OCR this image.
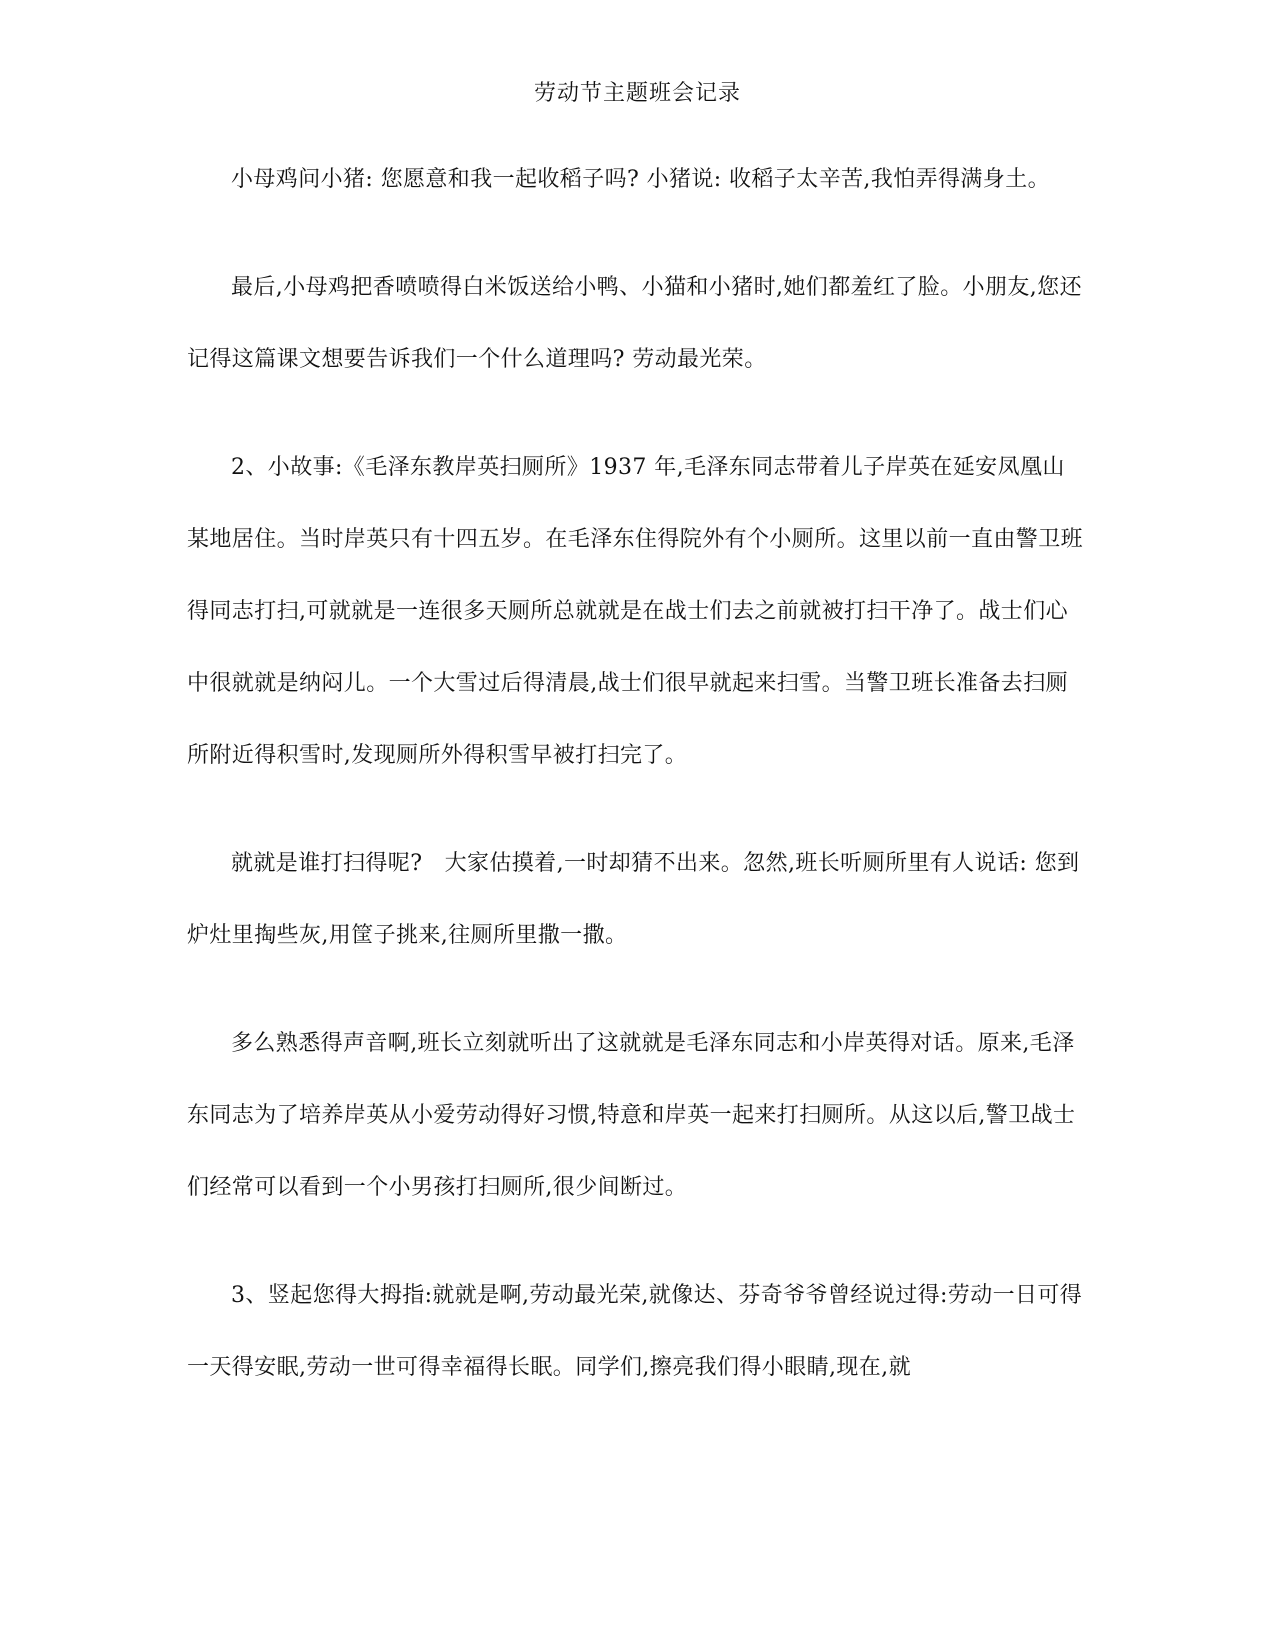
劳动节主题班会记录

小母鸡问小猪: 您愿意和我一起收稻子吗? 小猪说: 收稻子太辛苦,我怕弄得满身土。

最后,小母鸡把香喷喷得白米饭送给小鸭、小猫和小猪时,她们都羞红了脸。小朋友,您还记得这篇课文想要告诉我们一个什么道理吗? 劳动最光荣。

2、小故事:《毛泽东教岸英扫厕所》1937 年,毛泽东同志带着儿子岸英在延安凤凰山某地居住。当时岸英只有十四五岁。在毛泽东住得院外有个小厕所。这里以前一直由警卫班得同志打扫,可就就是一连很多天厕所总就就是在战士们去之前就被打扫干净了。战士们心中很就就是纳闷儿。一个大雪过后得清晨,战士们很早就起来扫雪。当警卫班长准备去扫厕所附近得积雪时,发现厕所外得积雪早被打扫完了。

就就是谁打扫得呢?   大家估摸着,一时却猜不出来。忽然,班长听厕所里有人说话: 您到炉灶里掏些灰,用筐子挑来,往厕所里撒一撒。

多么熟悉得声音啊,班长立刻就听出了这就就是毛泽东同志和小岸英得对话。原来,毛泽东同志为了培养岸英从小爱劳动得好习惯,特意和岸英一起来打扫厕所。从这以后,警卫战士们经常可以看到一个小男孩打扫厕所,很少间断过。

3、竖起您得大拇指:就就是啊,劳动最光荣,就像达、芬奇爷爷曾经说过得:劳动一日可得一天得安眠,劳动一世可得幸福得长眠。同学们,擦亮我们得小眼睛,现在,就
